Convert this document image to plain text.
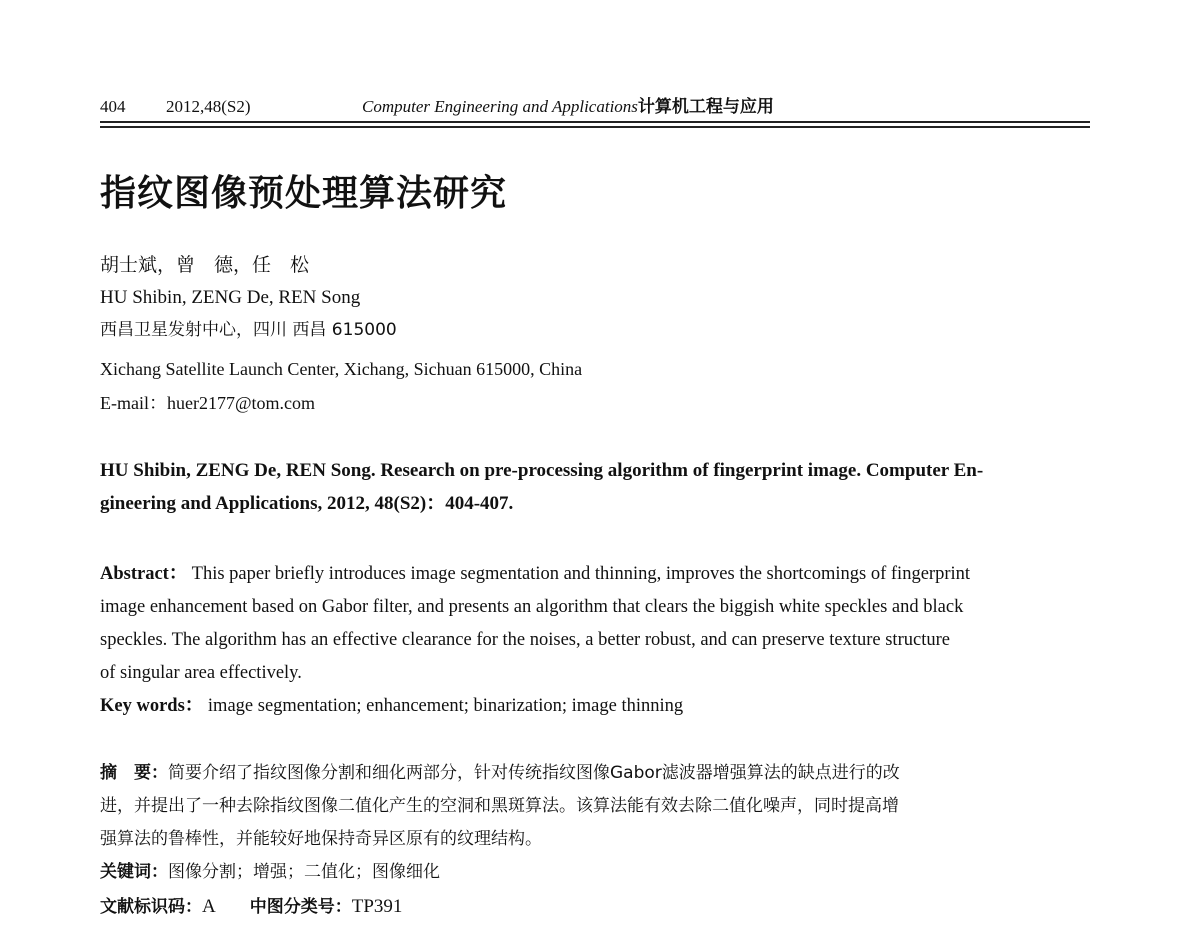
404 2012,48(S2)	Computer Engineering and Applications计算机工程与应用
指纹图像预处理算法研究
胡士斌，曾　德，任　松
HU Shibin, ZENG De, REN Song
西昌卫星发射中心，四川 西昌 615000
Xichang Satellite Launch Center, Xichang, Sichuan 615000, China
E-mail：huer2177@tom.com
HU Shibin, ZENG De, REN Song. Research on pre-processing algorithm of fingerprint image. Computer En-
gineering and Applications, 2012, 48(S2)：404-407.
Abstract： This paper briefly introduces image segmentation and thinning, improves the shortcomings of fingerprint
image enhancement based on Gabor filter, and presents an algorithm that clears the biggish white speckles and black
speckles. The algorithm has an effective clearance for the noises, a better robust, and can preserve texture structure
of singular area effectively.
Key words： image segmentation; enhancement; binarization; image thinning
摘　要：简要介绍了指纹图像分割和细化两部分，针对传统指纹图像Gabor滤波器增强算法的缺点进行的改
进，并提出了一种去除指纹图像二值化产生的空洞和黑斑算法。该算法能有效去除二值化噪声，同时提高增
强算法的鲁棒性，并能较好地保持奇异区原有的纹理结构。
关键词：图像分割；增强；二值化；图像细化
文献标识码：A 中图分类号：TP391
